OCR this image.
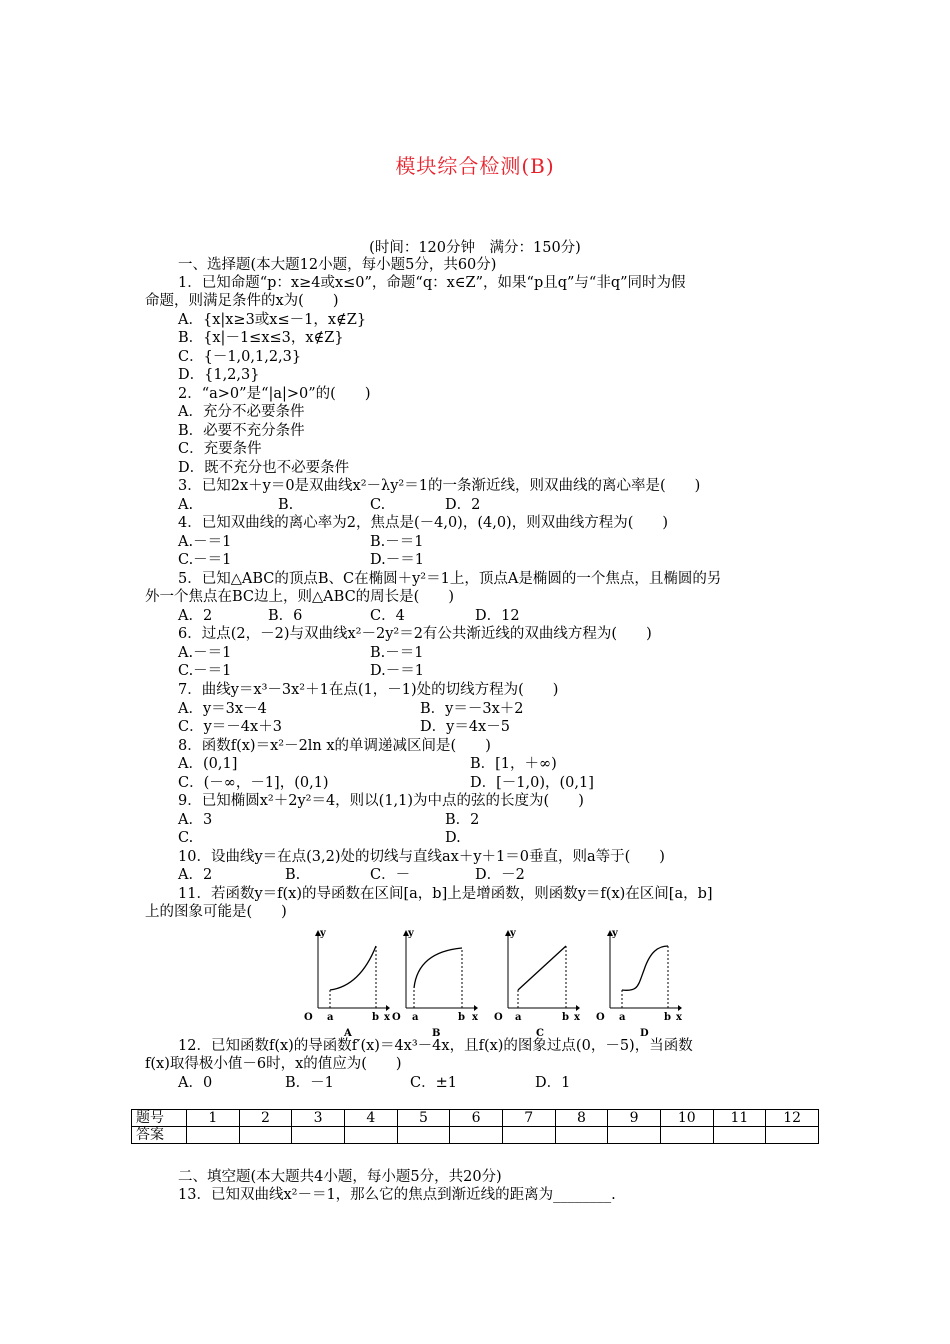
模块综合检测(B)
(时间：120分钟　满分：150分)
一、选择题(本大题12小题，每小题5分，共60分)
1．已知命题“p：x≥4或x≤0”，命题“q：x∈Z”，如果“p且q”与“非q”同时为假
命题，则满足条件的x为(　　)
A．{x|x≥3或x≤－1，x∉Z}
B．{x|－1≤x≤3，x∉Z}
C．{－1,0,1,2,3}
D．{1,2,3}
2．“a>0”是“|a|>0”的(　　)
A．充分不必要条件
B．必要不充分条件
C．充要条件
D．既不充分也不必要条件
3．已知2x＋y＝0是双曲线x²－λy²＝1的一条渐近线，则双曲线的离心率是(　　)
A.	B.	C.	D．2
4．已知双曲线的离心率为2，焦点是(－4,0)，(4,0)，则双曲线方程为(　　)
A.－＝1	B.－＝1
C.－＝1	D.－＝1
5．已知△ABC的顶点B、C在椭圆＋y²＝1上，顶点A是椭圆的一个焦点，且椭圆的另
外一个焦点在BC边上，则△ABC的周长是(　　)
A．2	B．6	C．4	D．12
6．过点(2，－2)与双曲线x²－2y²＝2有公共渐近线的双曲线方程为(　　)
A.－＝1	B.－＝1
C.－＝1	D.－＝1
7．曲线y＝x³－3x²＋1在点(1，－1)处的切线方程为(　　)
A．y＝3x－4	B．y＝－3x＋2
C．y＝－4x＋3	D．y＝4x－5
8．函数f(x)＝x²－2ln x的单调递减区间是(　　)
A．(0,1]	B．[1，＋∞)
C．(－∞，－1]，(0,1)	D．[－1,0)，(0,1]
9．已知椭圆x²＋2y²＝4，则以(1,1)为中点的弦的长度为(　　)
A．3	B．2
C.	D.
10．设曲线y＝在点(3,2)处的切线与直线ax＋y＋1＝0垂直，则a等于(　　)
A．2	B.	C．－	D．－2
11．若函数y＝f(x)的导函数在区间[a，b]上是增函数，则函数y＝f(x)在区间[a，b]
上的图象可能是(　　)
y
x
O a	b
A
y
x
O a	b
B
y
x
O a	b
C
y
x
O a	b
D
12．已知函数f(x)的导函数f′(x)＝4x³－4x，且f(x)的图象过点(0，－5)，当函数
f(x)取得极小值－6时，x的值应为(　　)
A．0	B．－1	C．±1	D．1
题号	1	2	3	4	5	6	7	8	9	10	11	12
答案												
二、填空题(本大题共4小题，每小题5分，共20分)
13．已知双曲线x²－＝1，那么它的焦点到渐近线的距离为________.
